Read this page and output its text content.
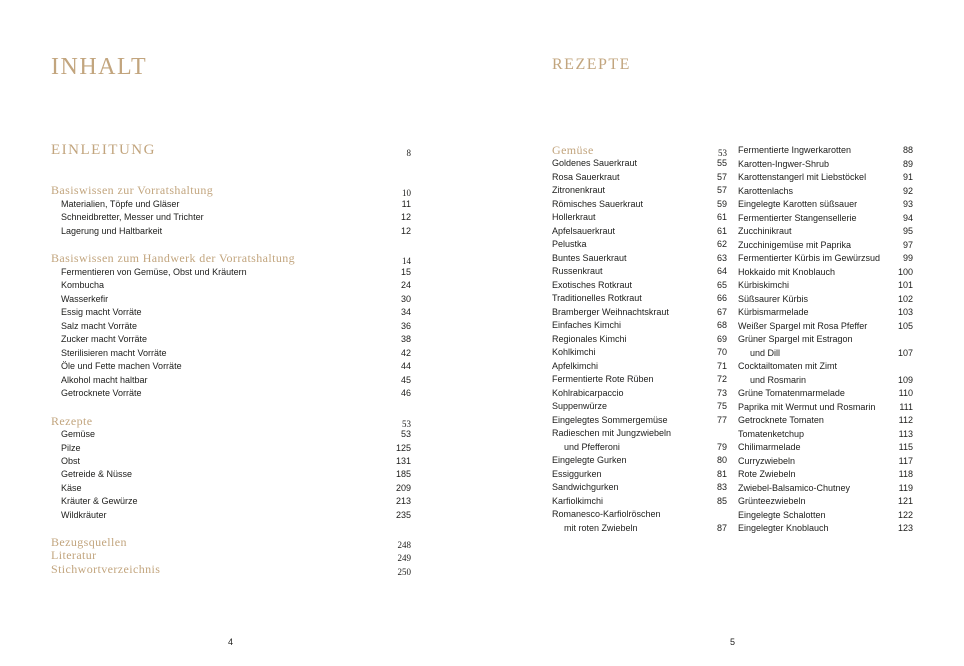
INHALT	REZEPTE
EINLEITUNG	8
Basiswissen zur Vorratshaltung	10
Materialien, Töpfe und Gläser	11
Schneidbretter, Messer und Trichter	12
Lagerung und Haltbarkeit	12
Basiswissen zum Handwerk der Vorratshaltung	14
Fermentieren von Gemüse, Obst und Kräutern	15
Kombucha	24
Wasserkefir	30
Essig macht Vorräte	34
Salz macht Vorräte	36
Zucker macht Vorräte	38
Sterilisieren macht Vorräte	42
Öle und Fette machen Vorräte	44
Alkohol macht haltbar	45
Getrocknete Vorräte	46
Rezepte	53
Gemüse	53
Pilze	125
Obst	131
Getreide & Nüsse	185
Käse	209
Kräuter & Gewürze	213
Wildkräuter	235
Bezugsquellen	248
Literatur	249
Stichwortverzeichnis	250
Gemüse	53
Goldenes Sauerkraut	55
Rosa Sauerkraut	57
Zitronenkraut	57
Römisches Sauerkraut	59
Hollerkraut	61
Apfelsauerkraut	61
Pelustka	62
Buntes Sauerkraut	63
Russenkraut	64
Exotisches Rotkraut	65
Traditionelles Rotkraut	66
Bramberger Weihnachtskraut	67
Einfaches Kimchi	68
Regionales Kimchi	69
Kohlkimchi	70
Apfelkimchi	71
Fermentierte Rote Rüben	72
Kohlrabicarpaccio	73
Suppenwürze	75
Eingelegtes Sommergemüse	77
Radieschen mit Jungzwiebeln
und Pfefferoni	79
Eingelegte Gurken	80
Essiggurken	81
Sandwichgurken	83
Karfiolkimchi	85
Romanesco-Karfiolröschen
mit roten Zwiebeln	87
Fermentierte Ingwerkarotten	88
Karotten-Ingwer-Shrub	89
Karottenstangerl mit Liebstöckel	91
Karottenlachs	92
Eingelegte Karotten süßsauer	93
Fermentierter Stangensellerie	94
Zucchinikraut	95
Zucchinigemüse mit Paprika	97
Fermentierter Kürbis im Gewürzsud	99
Hokkaido mit Knoblauch	100
Kürbiskimchi	101
Süßsaurer Kürbis	102
Kürbismarmelade	103
Weißer Spargel mit Rosa Pfeffer	105
Grüner Spargel mit Estragon
und Dill	107
Cocktailtomaten mit Zimt
und Rosmarin	109
Grüne Tomatenmarmelade	110
Paprika mit Wermut und Rosmarin	111
Getrocknete Tomaten	112
Tomatenketchup	113
Chilimarmelade	115
Curryzwiebeln	117
Rote Zwiebeln	118
Zwiebel-Balsamico-Chutney	119
Grünteezwiebeln	121
Eingelegte Schalotten	122
Eingelegter Knoblauch	123
4	5
